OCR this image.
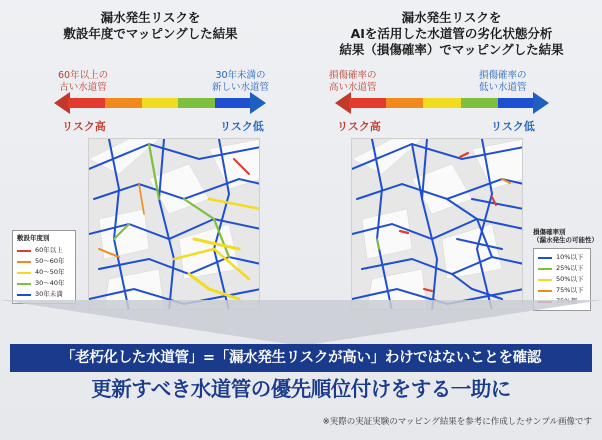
漏水発生リスクを
敷設年度でマッピングした結果
60年以上の
古い水道管
30年未満の
新しい水道管
リスク高	リスク低
敷設年度別
60年以上
50～60年
40～50年
30～40年
30年未満
漏水発生リスクを
AIを活用した水道管の劣化状態分析
結果（損傷確率）でマッピングした結果
損傷確率の
高い水道管
損傷確率の
低い水道管
リスク高	リスク低
損傷確率別
（漏水発生の可能性）
10%以下
25%以下
50%以下
75%以下
「老朽化した水道管」=「漏水発生リスクが高い」わけではないことを確認
更新すべき水道管の優先順位付けをする一助に
※実際の実証実験のマッピング結果を参考に作成したサンプル画像です
